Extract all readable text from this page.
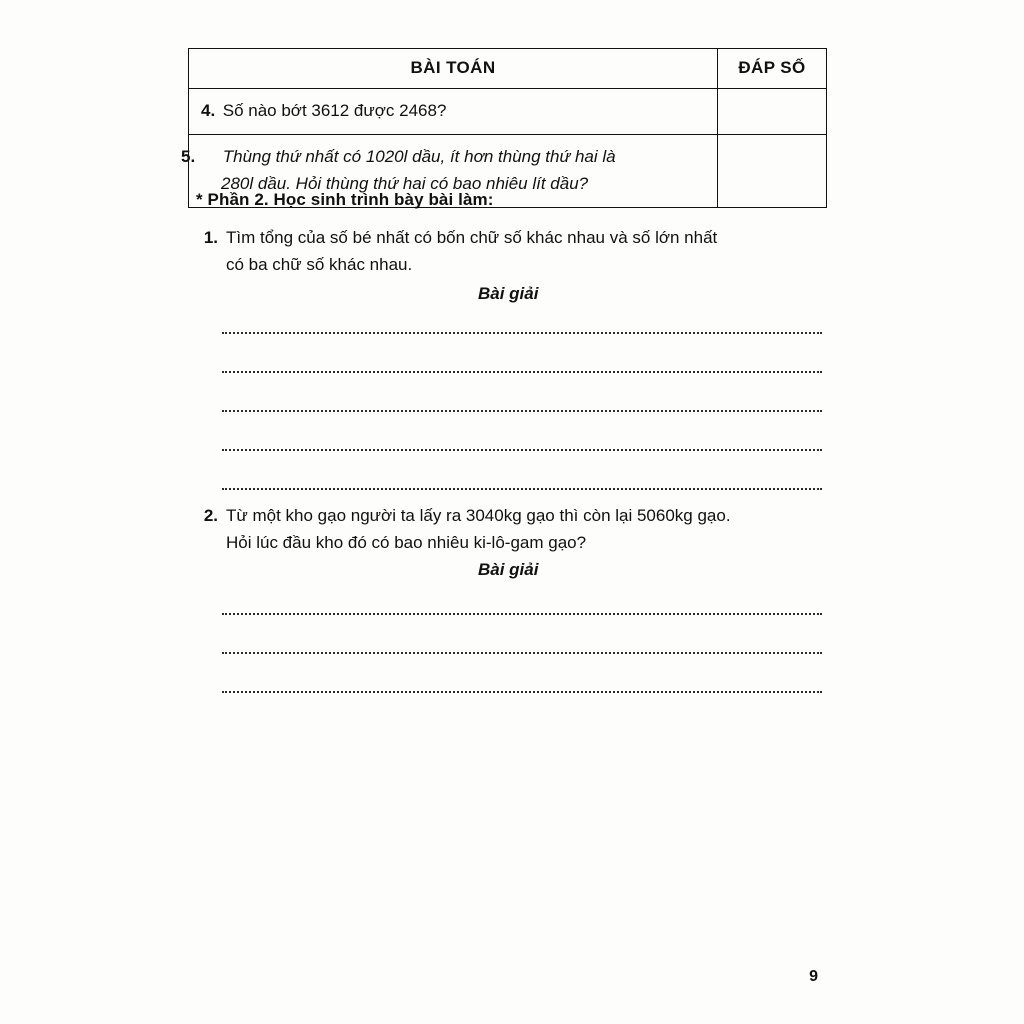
BÀI TOÁN	ĐÁP SỐ

4. Số nào bớt 3612 được 2468?	

5. Thùng thứ nhất có 1020l dầu, ít hơn thùng thứ hai là
280l dầu. Hỏi thùng thứ hai có bao nhiêu lít dầu?	

* Phần 2. Học sinh trình bày bài làm:
1. Tìm tổng của số bé nhất có bốn chữ số khác nhau và số lớn nhất
có ba chữ số khác nhau.
Bài giải
2. Từ một kho gạo người ta lấy ra 3040kg gạo thì còn lại 5060kg gạo.
Hỏi lúc đầu kho đó có bao nhiêu ki-lô-gam gạo?
Bài giải
9
